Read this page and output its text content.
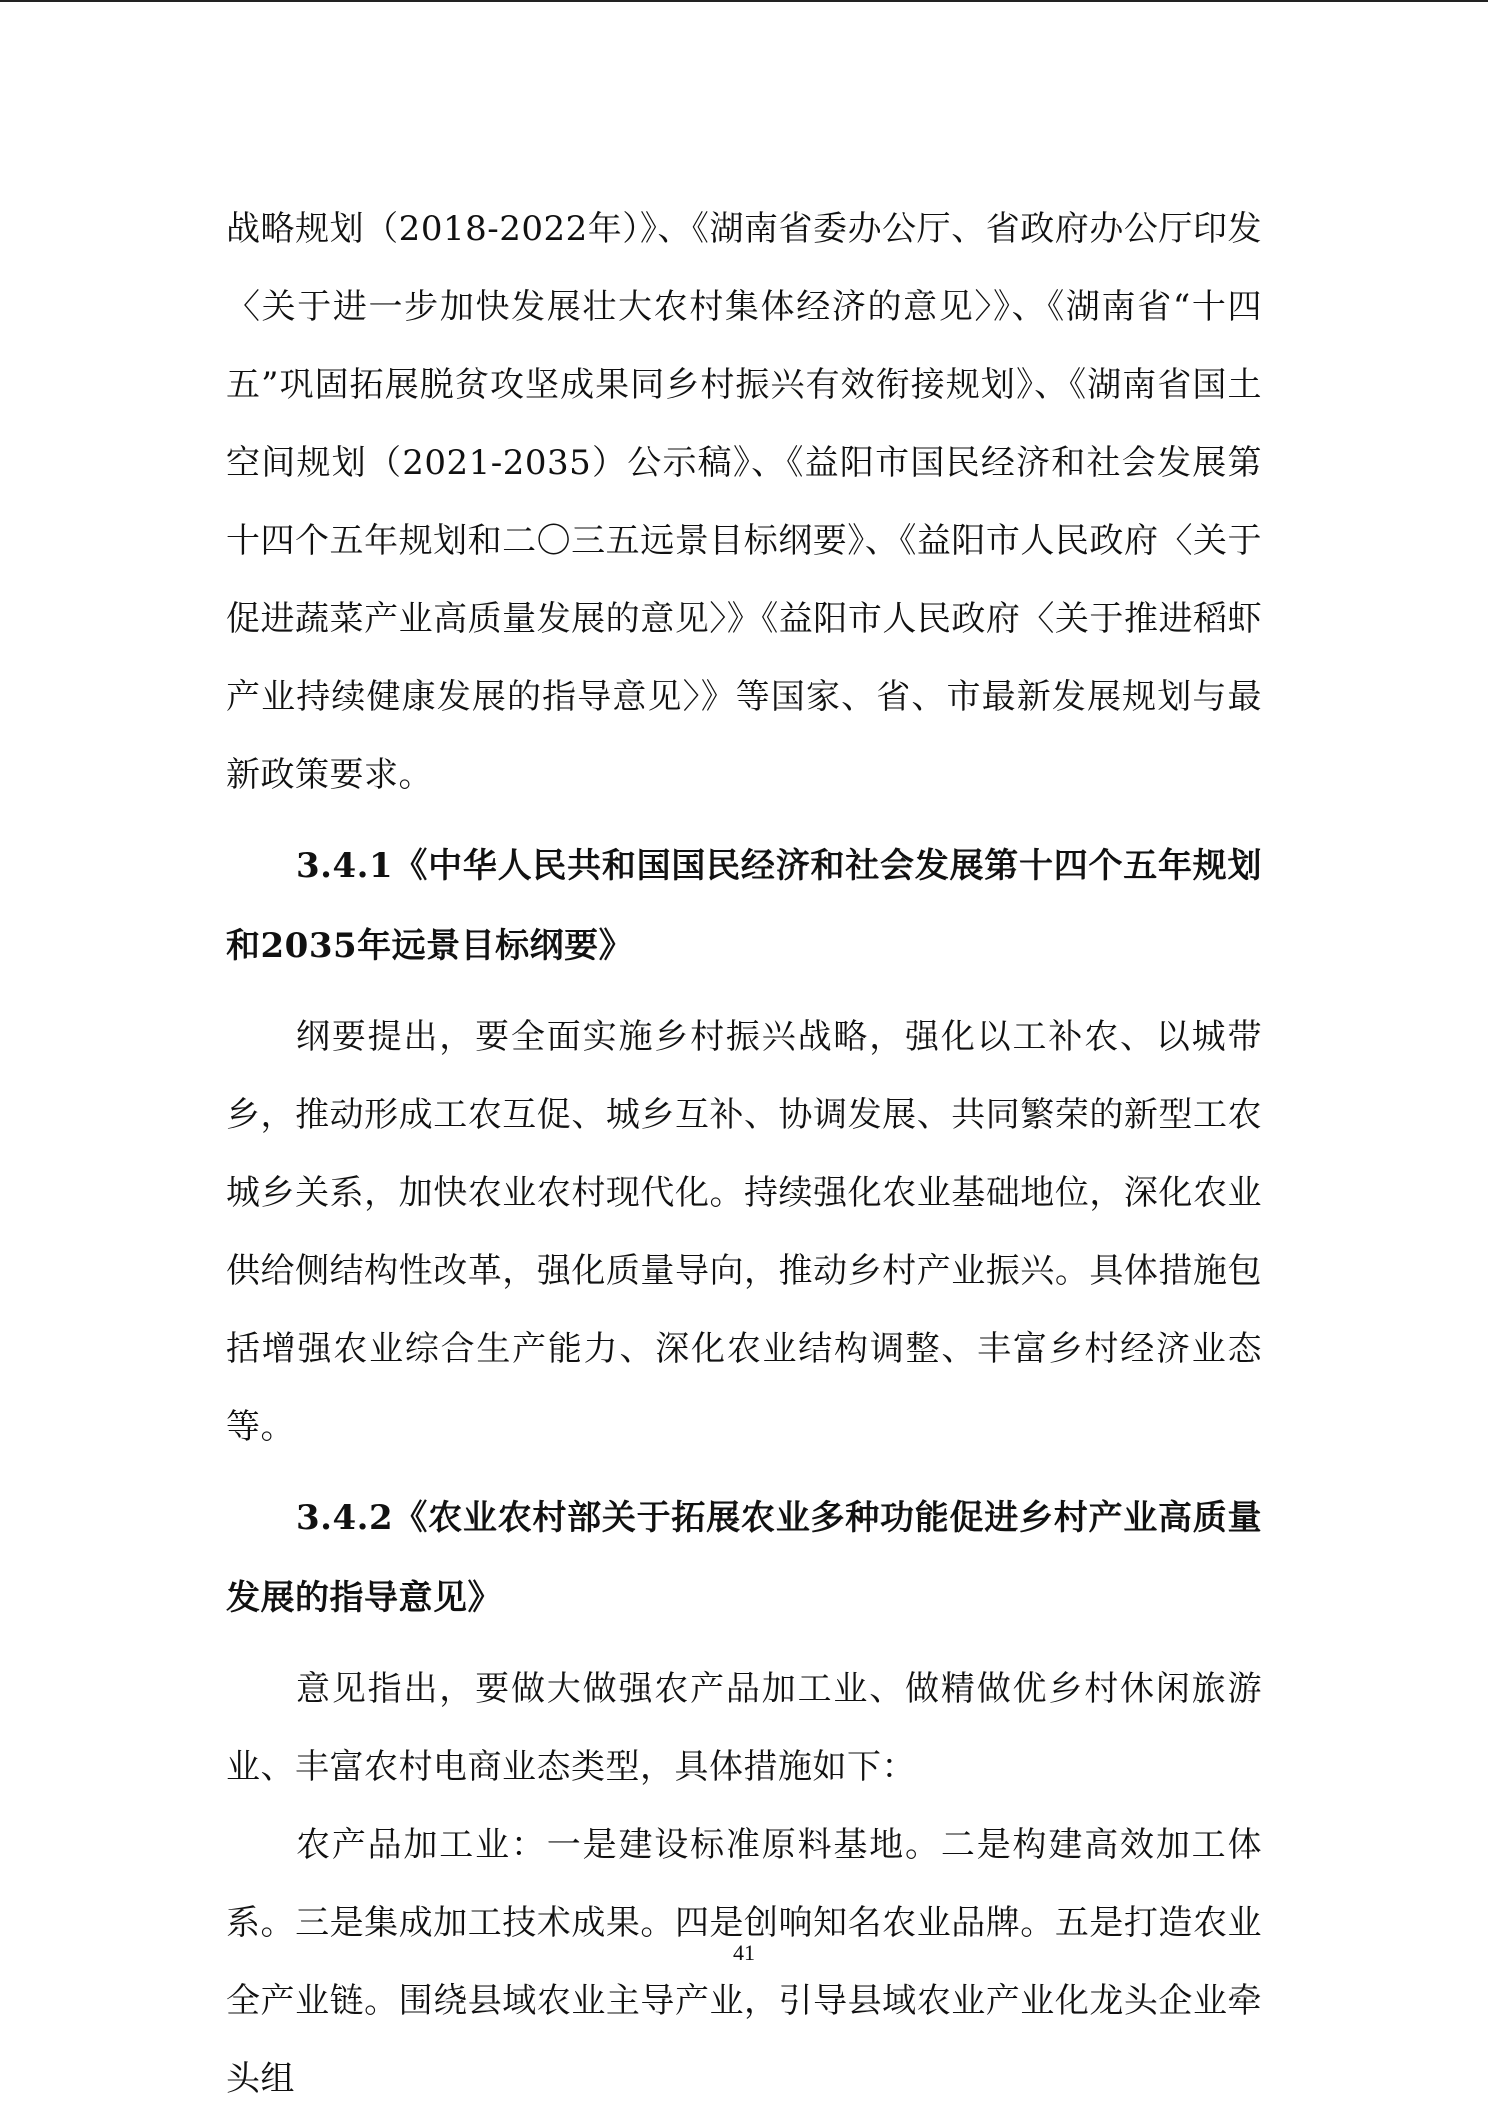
战略规划（2018-2022年）》、《湖南省委办公厅、省政府办公厅印发〈关于进一步加快发展壮大农村集体经济的意见〉》、《湖南省“十四五”巩固拓展脱贫攻坚成果同乡村振兴有效衔接规划》、《湖南省国土空间规划（2021-2035）公示稿》、《益阳市国民经济和社会发展第十四个五年规划和二〇三五远景目标纲要》、《益阳市人民政府〈关于促进蔬菜产业高质量发展的意见〉》《益阳市人民政府〈关于推进稻虾产业持续健康发展的指导意见〉》等国家、省、市最新发展规划与最新政策要求。

3.4.1《中华人民共和国国民经济和社会发展第十四个五年规划和2035年远景目标纲要》

纲要提出，要全面实施乡村振兴战略，强化以工补农、以城带乡，推动形成工农互促、城乡互补、协调发展、共同繁荣的新型工农城乡关系，加快农业农村现代化。持续强化农业基础地位，深化农业供给侧结构性改革，强化质量导向，推动乡村产业振兴。具体措施包括增强农业综合生产能力、深化农业结构调整、丰富乡村经济业态等。

3.4.2《农业农村部关于拓展农业多种功能促进乡村产业高质量发展的指导意见》

意见指出，要做大做强农产品加工业、做精做优乡村休闲旅游业、丰富农村电商业态类型，具体措施如下：

农产品加工业：一是建设标准原料基地。二是构建高效加工体系。三是集成加工技术成果。四是创响知名农业品牌。五是打造农业全产业链。围绕县域农业主导产业，引导县域农业产业化龙头企业牵头组

41
